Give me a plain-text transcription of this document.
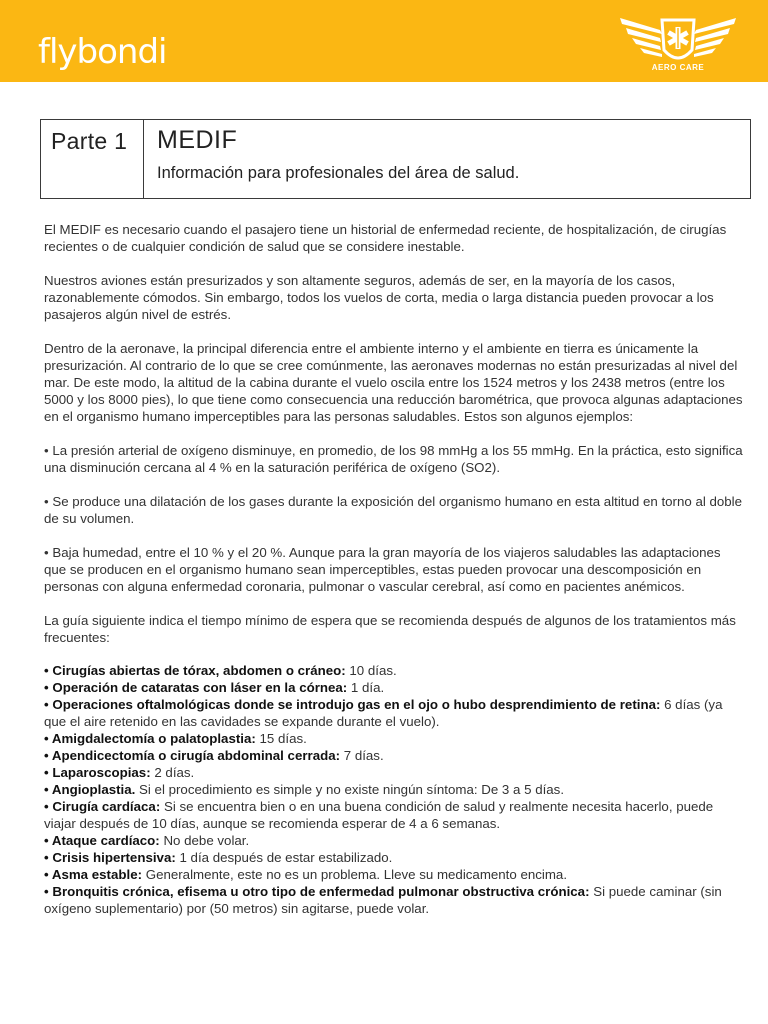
flybondi	AERO CARE
Parte 1 MEDIF
Información para profesionales del área de salud.

El MEDIF es necesario cuando el pasajero tiene un historial de enfermedad reciente, de hospitalización, de cirugías recientes o de cualquier condición de salud que se considere inestable.

Nuestros aviones están presurizados y son altamente seguros, además de ser, en la mayoría de los casos, razonablemente cómodos. Sin embargo, todos los vuelos de corta, media o larga distancia pueden provocar a los pasajeros algún nivel de estrés.

Dentro de la aeronave, la principal diferencia entre el ambiente interno y el ambiente en tierra es únicamente la presurización. Al contrario de lo que se cree comúnmente, las aeronaves modernas no están presurizadas al nivel del mar. De este modo, la altitud de la cabina durante el vuelo oscila entre los 1524 metros y los 2438 metros (entre los 5000 y los 8000 pies), lo que tiene como consecuencia una reducción barométrica, que provoca algunas adaptaciones en el organismo humano imperceptibles para las personas saludables. Estos son algunos ejemplos:

• La presión arterial de oxígeno disminuye, en promedio, de los 98 mmHg a los 55 mmHg. En la práctica, esto significa una disminución cercana al 4 % en la saturación periférica de oxígeno (SO2).

• Se produce una dilatación de los gases durante la exposición del organismo humano en esta altitud en torno al doble de su volumen.

• Baja humedad, entre el 10 % y el 20 %. Aunque para la gran mayoría de los viajeros saludables las adaptaciones que se producen en el organismo humano sean imperceptibles, estas pueden provocar una descomposición en personas con alguna enfermedad coronaria, pulmonar o vascular cerebral, así como en pacientes anémicos.

La guía siguiente indica el tiempo mínimo de espera que se recomienda después de algunos de los tratamientos más frecuentes:

• Cirugías abiertas de tórax, abdomen o cráneo: 10 días.
• Operación de cataratas con láser en la córnea: 1 día.
• Operaciones oftalmológicas donde se introdujo gas en el ojo o hubo desprendimiento de retina: 6 días (ya que el aire retenido en las cavidades se expande durante el vuelo).
• Amigdalectomía o palatoplastia: 15 días.
• Apendicectomía o cirugía abdominal cerrada: 7 días.
• Laparoscopias: 2 días.
• Angioplastia. Si el procedimiento es simple y no existe ningún síntoma: De 3 a 5 días.
• Cirugía cardíaca: Si se encuentra bien o en una buena condición de salud y realmente necesita hacerlo, puede viajar después de 10 días, aunque se recomienda esperar de 4 a 6 semanas.
• Ataque cardíaco: No debe volar.
• Crisis hipertensiva: 1 día después de estar estabilizado.
• Asma estable: Generalmente, este no es un problema. Lleve su medicamento encima.
• Bronquitis crónica, efisema u otro tipo de enfermedad pulmonar obstructiva crónica: Si puede caminar (sin oxígeno suplementario) por (50 metros) sin agitarse, puede volar.
